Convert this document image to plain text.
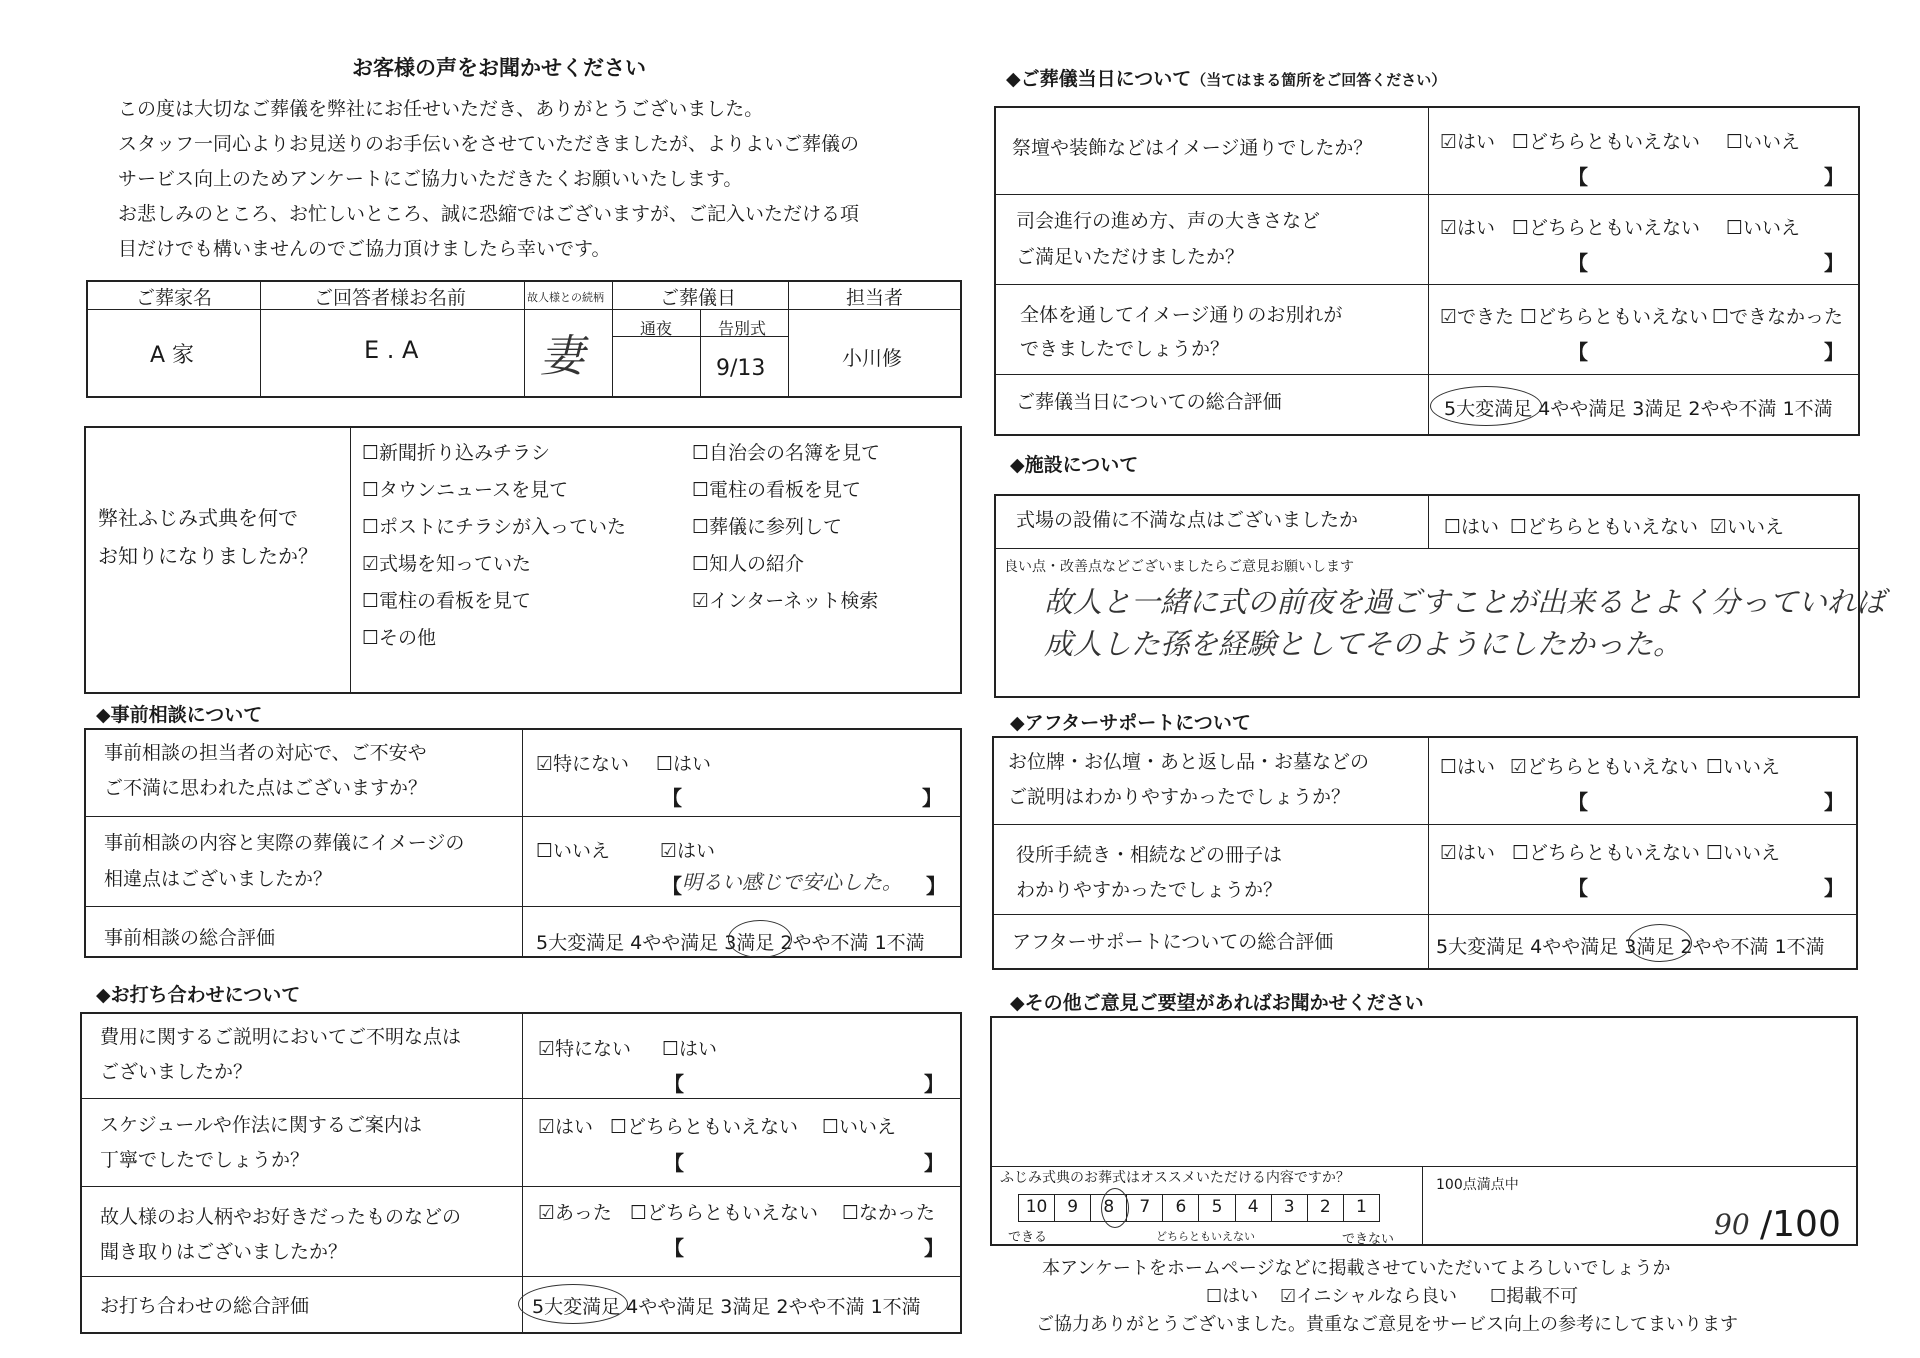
お客様の声をお聞かせください
この度は大切なご葬儀を弊社にお任せいただき、ありがとうございました。
スタッフ一同心よりお見送りのお手伝いをさせていただきましたが、よりよいご葬儀の
サービス向上のためアンケートにご協力いただきたくお願いいたします。
お悲しみのところ、お忙しいところ、誠に恐縮ではございますが、ご記入いただける項
目だけでも構いませんのでご協力頂けましたら幸いです。
ご葬家名	ご回答者様お名前	故人様との続柄	ご葬儀日	担当者
通夜	告別式
A 家	E . A	妻	9/13	小川修
弊社ふじみ式典を何で
お知りになりましたか？
☐新聞折り込みチラシ
☐タウンニュースを見て
☐ポストにチラシが入っていた
☑式場を知っていた
☐電柱の看板を見て
☐その他
☐自治会の名簿を見て
☐電柱の看板を見て
☐葬儀に参列して
☐知人の紹介
☑インターネット検索
◆事前相談について
事前相談の担当者の対応で、ご不安や
ご不満に思われた点はございますか？
☑特にない ☐はい
【	】
事前相談の内容と実際の葬儀にイメージの
相違点はございましたか？
☐いいえ	☑はい
【 明るい感じで安心した。 】
事前相談の総合評価	5大変満足 4やや満足 3満足 2やや不満 1不満
◆お打ち合わせについて
費用に関するご説明においてご不明な点は
ございましたか？
☑特にない ☐はい
【	】
スケジュールや作法に関するご案内は
丁寧でしたでしょうか？
☑はい ☐どちらともいえない ☐いいえ
【	】
故人様のお人柄やお好きだったものなどの
聞き取りはございましたか？
☑あった ☐どちらともいえない ☐なかった
【	】
お打ち合わせの総合評価	5大変満足 4やや満足 3満足 2やや不満 1不満
◆ご葬儀当日について（当てはまる箇所をご回答ください）
祭壇や装飾などはイメージ通りでしたか？	☑はい ☐どちらともいえない ☐いいえ
【	】
司会進行の進め方、声の大きさなど
ご満足いただけましたか？
☑はい ☐どちらともいえない ☐いいえ
【	】
全体を通してイメージ通りのお別れが
できましたでしょうか？
☑できた ☐どちらともいえない ☐できなかった
【	】
ご葬儀当日についての総合評価	5大変満足 4やや満足 3満足 2やや不満 1不満
◆施設について
式場の設備に不満な点はございましたか	☐はい ☐どちらともいえない ☑いいえ
良い点・改善点などございましたらご意見お願いします
故人と一緒に式の前夜を過ごすことが出来るとよく分っていれば
成人した孫を経験としてそのようにしたかった。
◆アフターサポートについて
お位牌・お仏壇・あと返し品・お墓などの
ご説明はわかりやすかったでしょうか？
☐はい ☑どちらともいえない ☐いいえ
【	】
役所手続き・相続などの冊子は
わかりやすかったでしょうか？
☑はい ☐どちらともいえない ☐いいえ
【	】
アフターサポートについての総合評価	5大変満足 4やや満足 3満足 2やや不満 1不満
◆その他ご意見ご要望があればお聞かせください
ふじみ式典のお葬式はオススメいただける内容ですか？
10	9	8	7	6	5	4	3	2	1
できる	どちらともいえない	できない
100点満点中
90 /100
本アンケートをホームページなどに掲載させていただいてよろしいでしょうか
☐はい ☑イニシャルなら良い ☐掲載不可
ご協力ありがとうございました。貴重なご意見をサービス向上の参考にしてまいります
